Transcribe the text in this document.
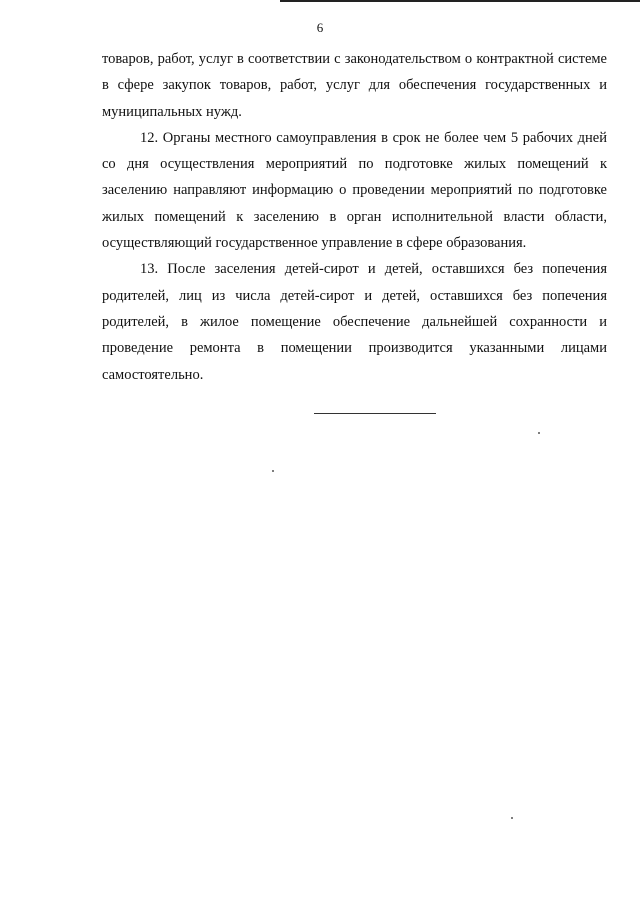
6

товаров, работ, услуг в соответствии с законодательством о контрактной системе в сфере закупок товаров, работ, услуг для обеспечения государственных и муниципальных нужд.

12. Органы местного самоуправления в срок не более чем 5 рабочих дней со дня осуществления мероприятий по подготовке жилых помещений к заселению направляют информацию о проведении мероприятий по подготовке жилых помещений к заселению в орган исполнительной власти области, осуществляющий государственное управление в сфере образования.

13. После заселения детей-сирот и детей, оставшихся без попечения родителей, лиц из числа детей-сирот и детей, оставшихся без попечения родителей, в жилое помещение обеспечение дальнейшей сохранности и проведение ремонта в помещении производится указанными лицами самостоятельно.
